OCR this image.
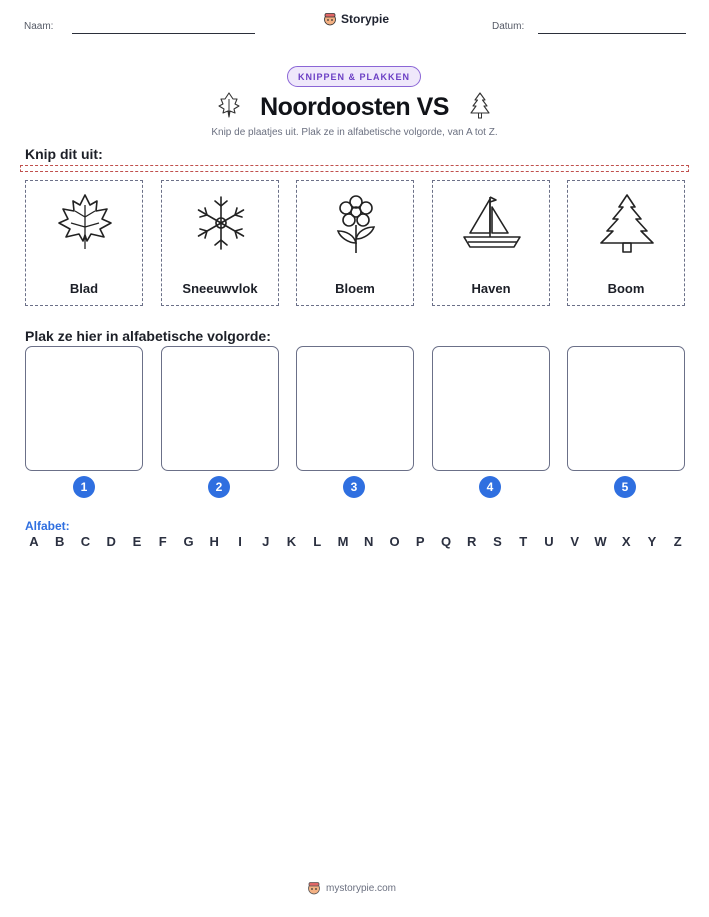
Naam:
Storypie
Datum:
KNIPPEN & PLAKKEN
Noordoosten VS
Knip de plaatjes uit. Plak ze in alfabetische volgorde, van A tot Z.
Knip dit uit:
Blad	Sneeuwvlok	Bloem	Haven	Boom
Plak ze hier in alfabetische volgorde:
1	2	3	4	5
Alfabet:
A B C D E	F	G H	I	J	K	L	M N O P Q R S	T	U V W X Y	Z
mystorypie.com
